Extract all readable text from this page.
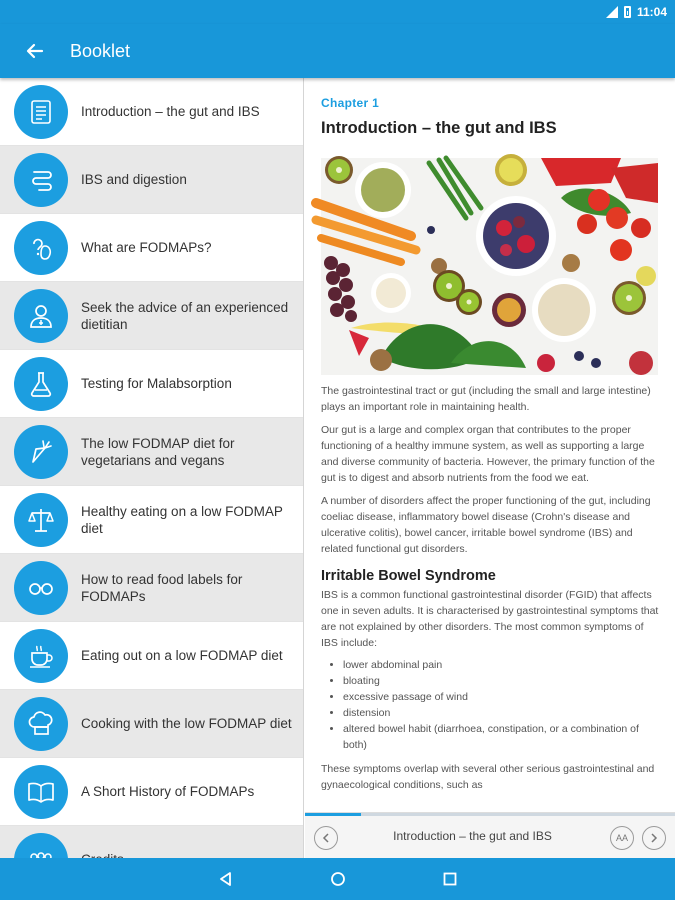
11:04
Booklet
Introduction – the gut and IBS
IBS and digestion
What are FODMAPs?
Seek the advice of an experienced dietitian
Testing for Malabsorption
The low FODMAP diet for vegetarians and vegans
Healthy eating on a low FODMAP diet
How to read food labels for FODMAPs
Eating out on a low FODMAP diet
Cooking with the low FODMAP diet
A Short History of FODMAPs
Chapter 1
Introduction – the gut and IBS

The gastrointestinal tract or gut (including the small and large intestine) plays an important role in maintaining health.

Our gut is a large and complex organ that contributes to the proper functioning of a healthy immune system, as well as supporting a large and diverse community of bacteria. However, the primary function of the gut is to digest and absorb nutrients from the food we eat.

A number of disorders affect the proper functioning of the gut, including coeliac disease, inflammatory bowel disease (Crohn's disease and ulcerative colitis), bowel cancer, irritable bowel syndrome (IBS) and related functional gut disorders.

Irritable Bowel Syndrome

IBS is a common functional gastrointestinal disorder (FGID) that affects one in seven adults. It is characterised by gastrointestinal symptoms that are not explained by other disorders. The most common symptoms of IBS include:

• lower abdominal pain
• bloating
• excessive passage of wind
• distension
• altered bowel habit (diarrhoea, constipation, or a combination of both)

These symptoms overlap with several other serious gastrointestinal and gynaecological conditions, such as

Introduction – the gut and IBS	AA
